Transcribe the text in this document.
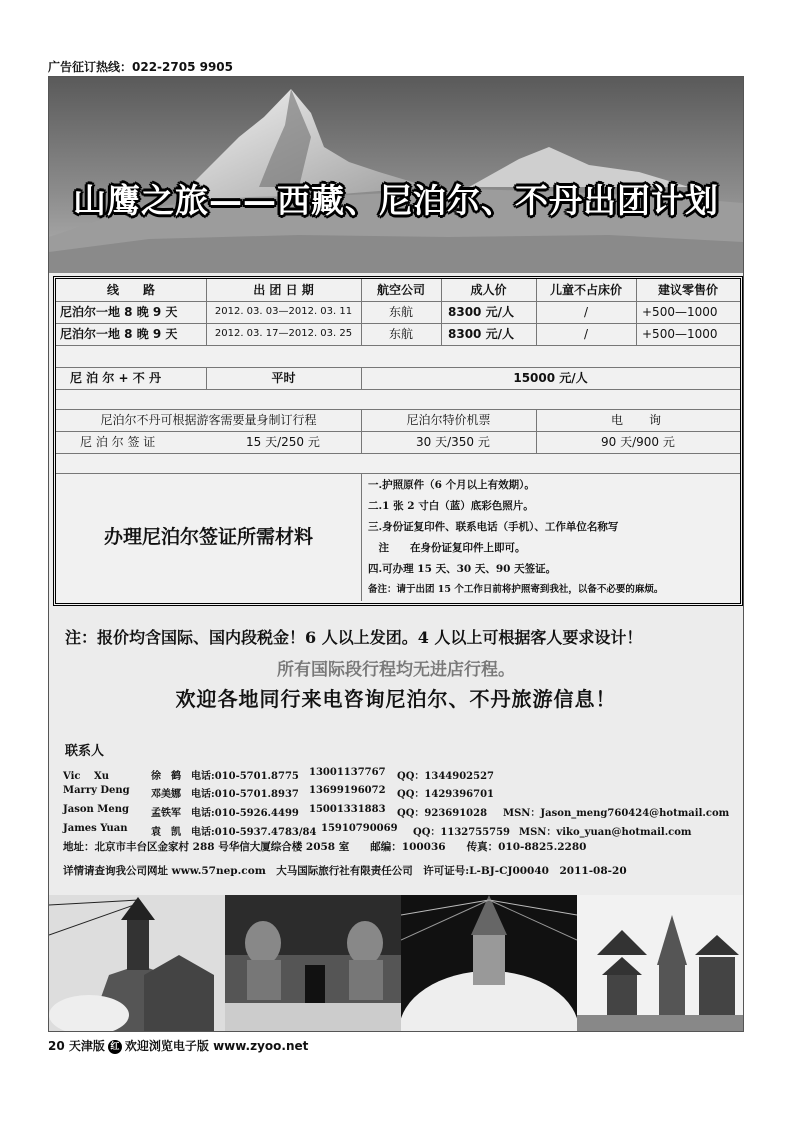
广告征订热线：022-2705 9905
山鹰之旅——西藏、尼泊尔、不丹出团计划
线　　路	出 团 日 期	航空公司	成人价	儿童不占床价	建议零售价
尼泊尔一地 8 晚 9 天	2012. 03. 03—2012. 03. 11	东航	8300 元/人	/	+500—1000
尼泊尔一地 8 晚 9 天	2012. 03. 17—2012. 03. 25	东航	8300 元/人	/	+500—1000
尼 泊 尔 + 不 丹	平时	15000 元/人
尼泊尔不丹可根据游客需要量身制订行程	尼泊尔特价机票	电 询
尼 泊 尔 签 证	15 天/250 元	30 天/350 元	90 天/900 元
办理尼泊尔签证所需材料
一.护照原件（6 个月以上有效期）。
二.1 张 2 寸白（蓝）底彩色照片。
三.身份证复印件、联系电话（手机）、工作单位名称写
　注　　在身份证复印件上即可。
四.可办理 15 天、30 天、90 天签证。
备注：请于出团 15 个工作日前将护照寄到我社，以备不必要的麻烦。
注：报价均含国际、国内段税金！6 人以上发团。4 人以上可根据客人要求设计！
所有国际段行程均无进店行程。
欢迎各地同行来电咨询尼泊尔、不丹旅游信息！
联系人
Vic　 Xu	徐　鹤 电话:010-5701.8775 13001137767 QQ：1344902527
Marry Deng 邓美娜 电话:010-5701.8937 13699196072 QQ：1429396701
Jason Meng 孟铁军 电话:010-5926.4499 15001331883 QQ：923691028 MSN：Jason_meng760424@hotmail.com
James Yuan 袁　凯 电话:010-5937.4783/84 15910790069 QQ：1132755759 MSN：viko_yuan@hotmail.com
地址：北京市丰台区金家村 288 号华信大厦综合楼 2058 室　　邮编：100036　　传真：010-8825.2280
详情请查询我公司网址 www.57nep.com　大马国际旅行社有限责任公司　许可证号:L-BJ-CJ00040　2011-08-20
20 天津版 红 欢迎浏览电子版 www.zyoo.net
